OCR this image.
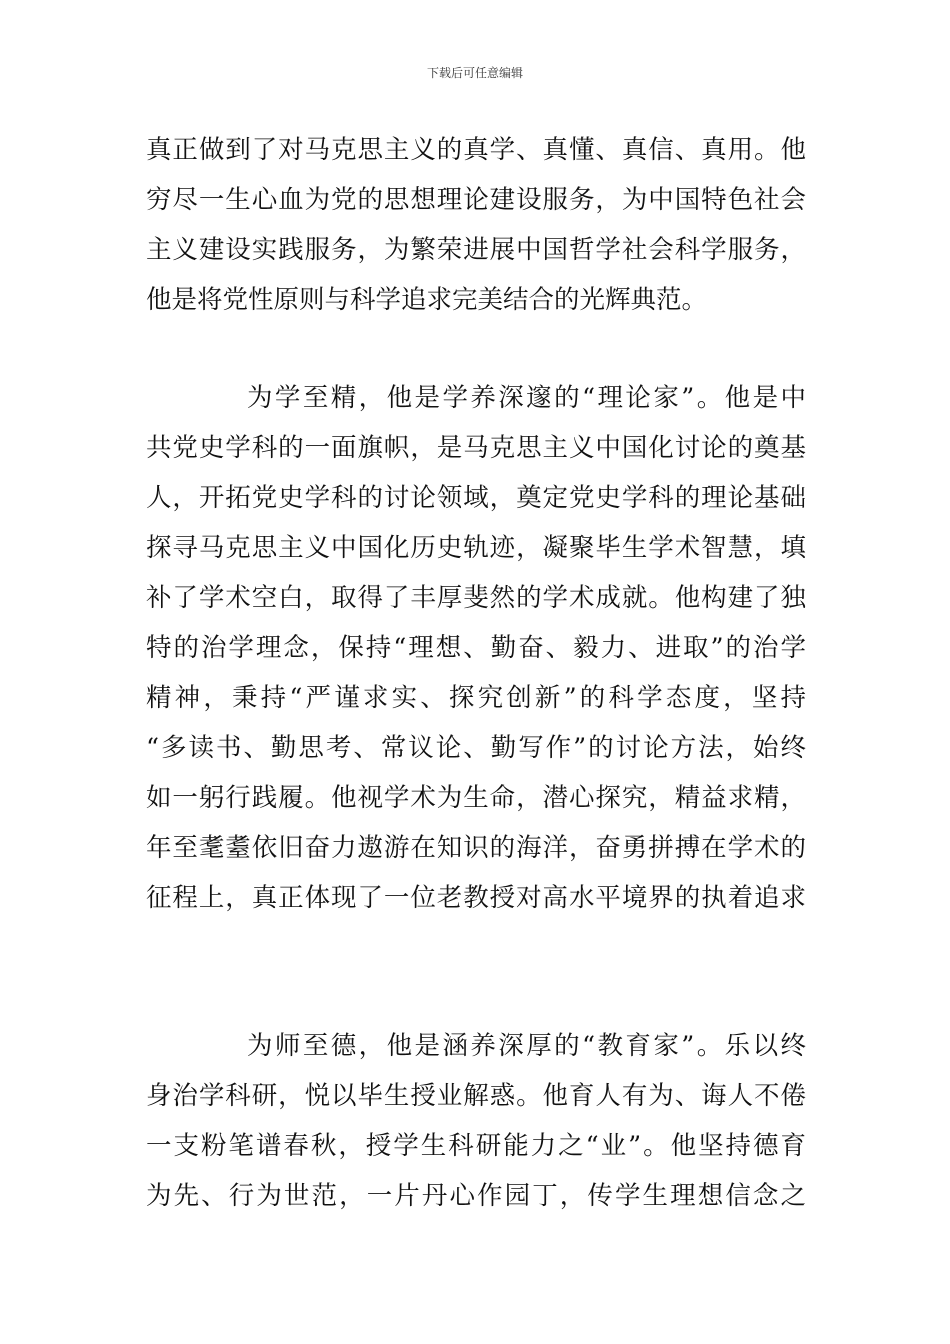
下载后可任意编辑
真正做到了对马克思主义的真学、真懂、真信、真用。他
穷尽一生心血为党的思想理论建设服务，为中国特色社会
主义建设实践服务，为繁荣进展中国哲学社会科学服务，
他是将党性原则与科学追求完美结合的光辉典范。
为学至精，他是学养深邃的“理论家”。他是中
共党史学科的一面旗帜，是马克思主义中国化讨论的奠基
人，开拓党史学科的讨论领域，奠定党史学科的理论基础
探寻马克思主义中国化历史轨迹，凝聚毕生学术智慧，填
补了学术空白，取得了丰厚斐然的学术成就。他构建了独
特的治学理念，保持“理想、勤奋、毅力、进取”的治学
精神，秉持“严谨求实、探究创新”的科学态度，坚持
“多读书、勤思考、常议论、勤写作”的讨论方法，始终
如一躬行践履。他视学术为生命，潜心探究，精益求精，
年至耄耋依旧奋力遨游在知识的海洋，奋勇拼搏在学术的
征程上，真正体现了一位老教授对高水平境界的执着追求
为师至德，他是涵养深厚的“教育家”。乐以终
身治学科研，悦以毕生授业解惑。他育人有为、诲人不倦
一支粉笔谱春秋，授学生科研能力之“业”。他坚持德育
为先、行为世范，一片丹心作园丁，传学生理想信念之
